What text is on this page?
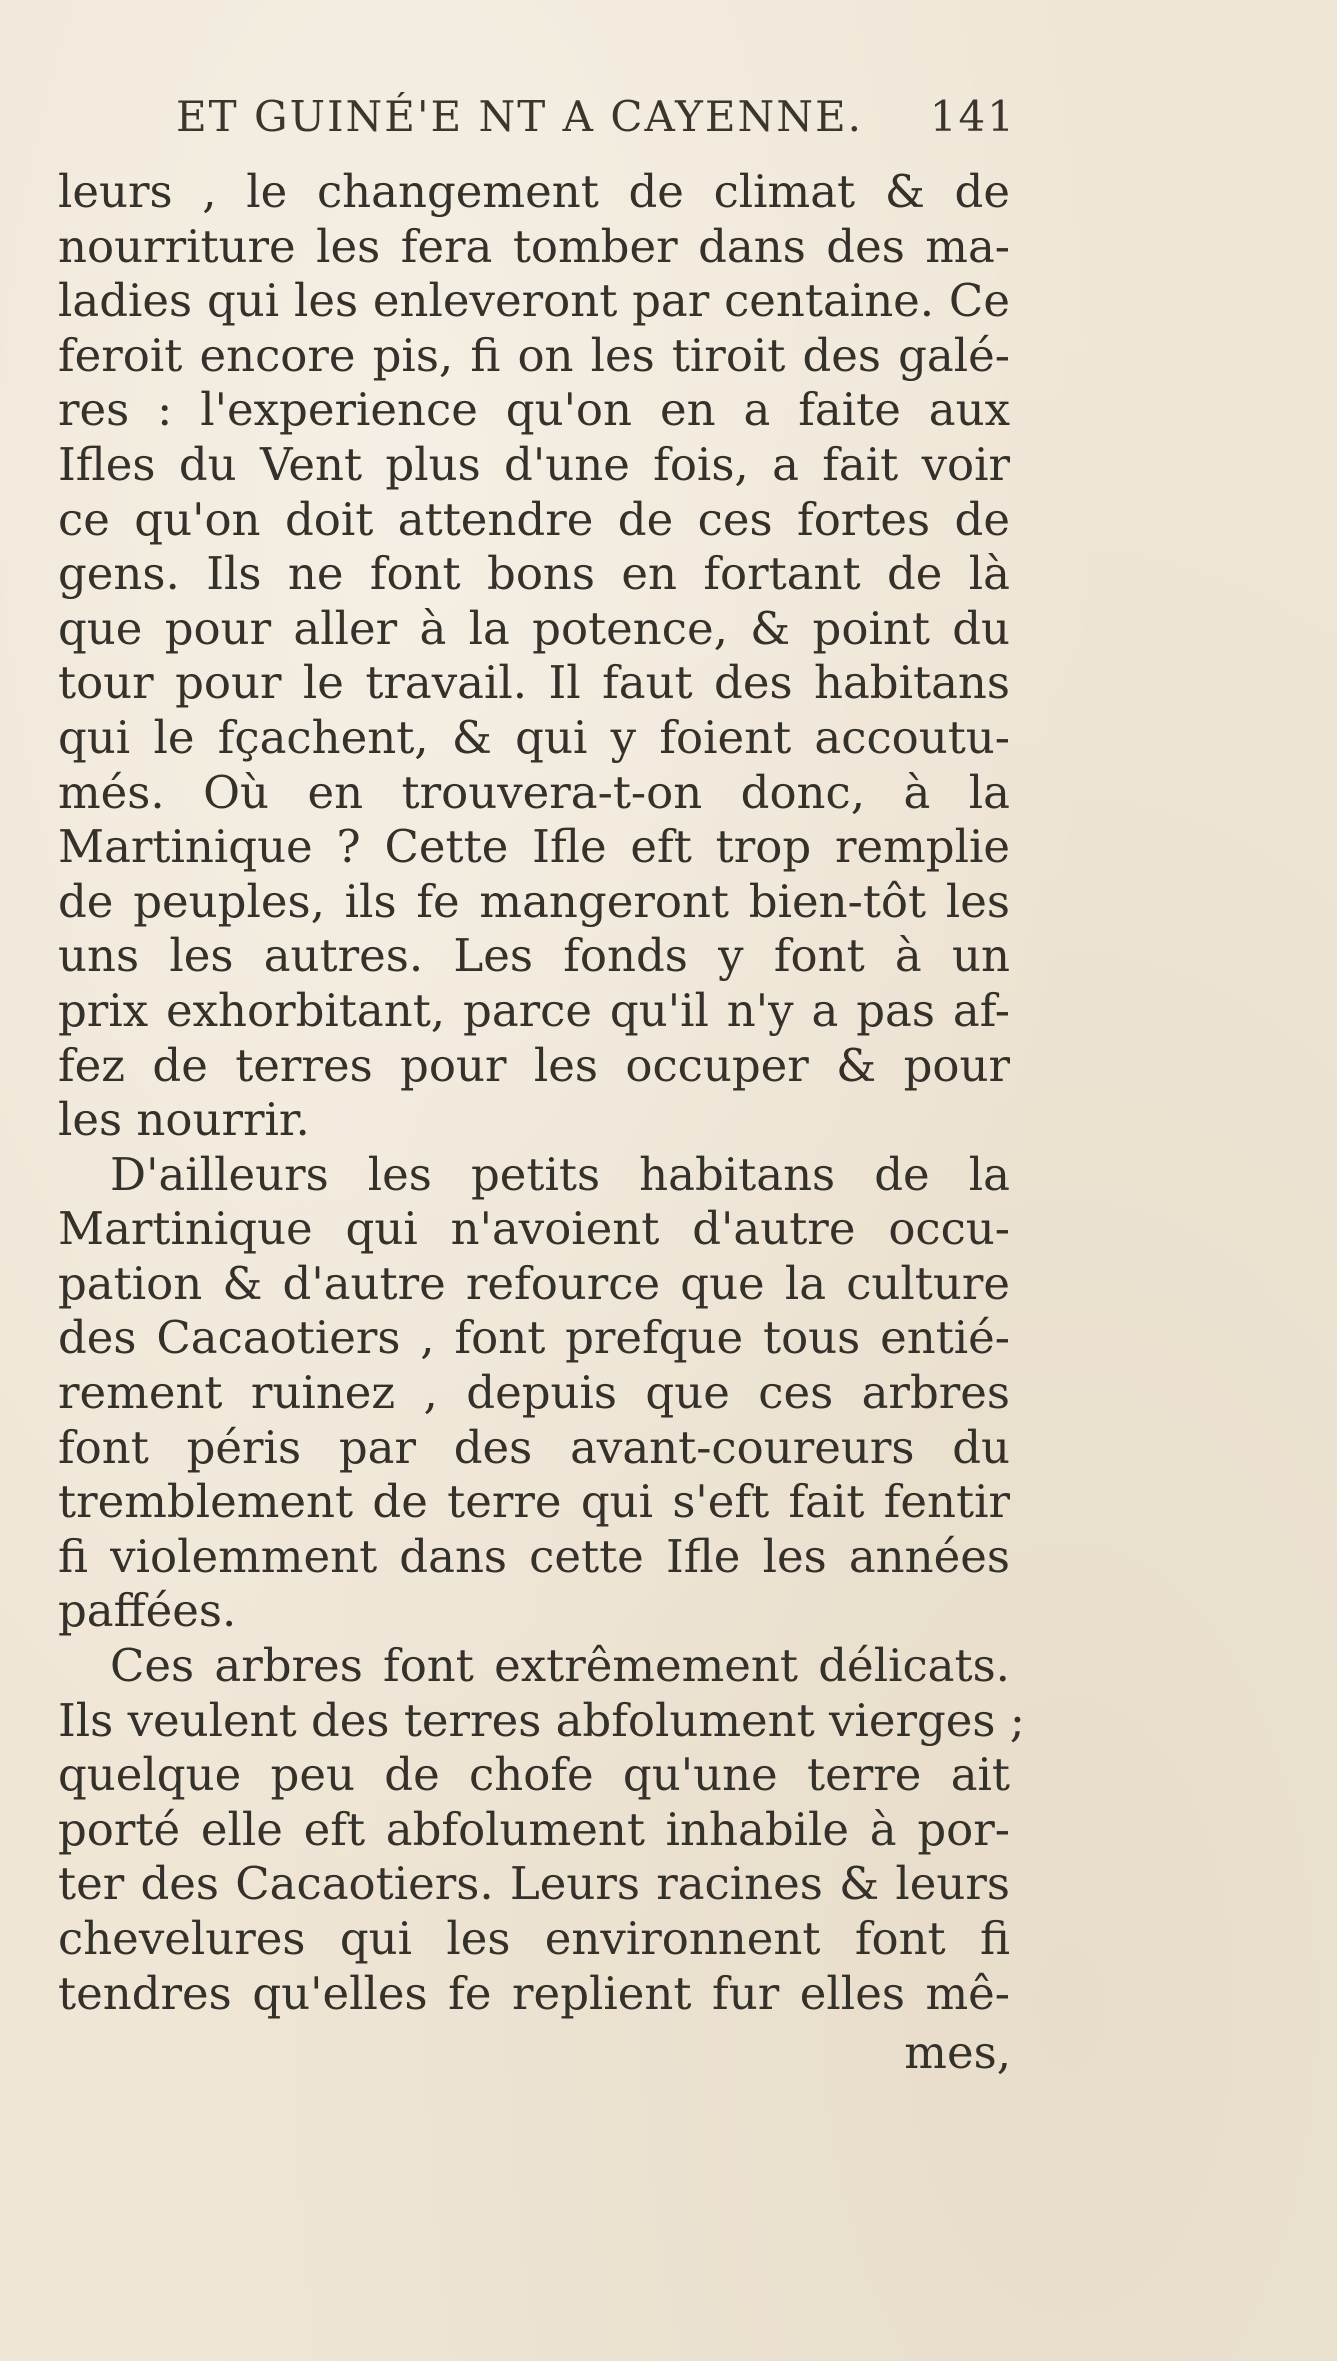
ET GUINÉ'E NT A CAYENNE. 141
leurs , le changement de climat & de
nourriture les fera tomber dans des ma-
ladies qui les enleveront par centaine. Ce
feroit encore pis, fi on les tiroit des galé-
res : l'experience qu'on en a faite aux
Ifles du Vent plus d'une fois, a fait voir
ce qu'on doit attendre de ces fortes de
gens. Ils ne font bons en fortant de là
que pour aller à la potence, & point du
tour pour le travail. Il faut des habitans
qui le fçachent, & qui y foient accoutu-
més. Où en trouvera-t-on donc, à la
Martinique ? Cette Ifle eft trop remplie
de peuples, ils fe mangeront bien-tôt les
uns les autres. Les fonds y font à un
prix exhorbitant, parce qu'il n'y a pas af-
fez de terres pour les occuper & pour
les nourrir.
D'ailleurs les petits habitans de la
Martinique qui n'avoient d'autre occu-
pation & d'autre refource que la culture
des Cacaotiers , font prefque tous entié-
rement ruinez , depuis que ces arbres
font péris par des avant-coureurs du
tremblement de terre qui s'eft fait fentir
fi violemment dans cette Ifle les années
paffées.
Ces arbres font extrêmement délicats.
Ils veulent des terres abfolument vierges ;
quelque peu de chofe qu'une terre ait
porté elle eft abfolument inhabile à por-
ter des Cacaotiers. Leurs racines & leurs
chevelures qui les environnent font fi
tendres qu'elles fe replient fur elles mê-
mes,
